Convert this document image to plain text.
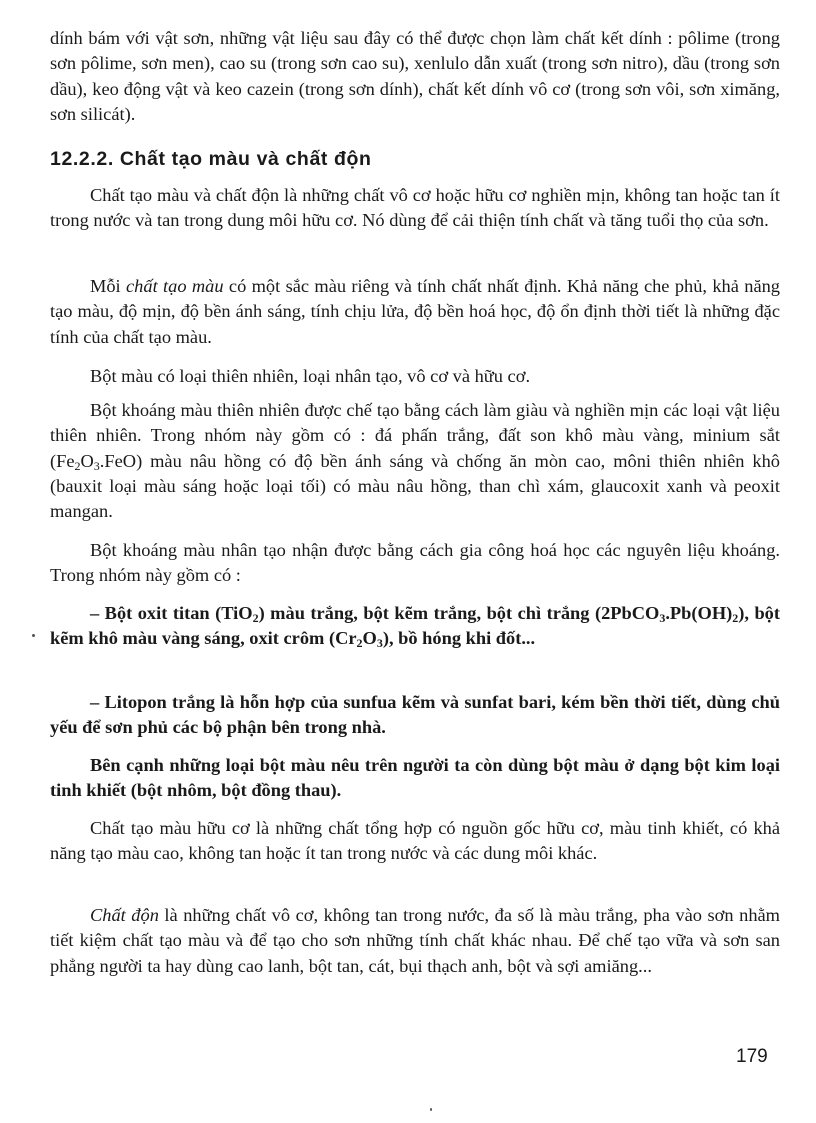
dính bám với vật sơn, những vật liệu sau đây có thể được chọn làm chất kết dính : pôlime (trong sơn pôlime, sơn men), cao su (trong sơn cao su), xenlulo dẫn xuất (trong sơn nitro), dầu (trong sơn dầu), keo động vật và keo cazein (trong sơn dính), chất kết dính vô cơ (trong sơn vôi, sơn ximăng, sơn silicát).

12.2.2. Chất tạo màu và chất độn

Chất tạo màu và chất độn là những chất vô cơ hoặc hữu cơ nghiền mịn, không tan hoặc tan ít trong nước và tan trong dung môi hữu cơ. Nó dùng để cải thiện tính chất và tăng tuổi thọ của sơn.

Mỗi chất tạo màu có một sắc màu riêng và tính chất nhất định. Khả năng che phủ, khả năng tạo màu, độ mịn, độ bền ánh sáng, tính chịu lửa, độ bền hoá học, độ ổn định thời tiết là những đặc tính của chất tạo màu.

Bột màu có loại thiên nhiên, loại nhân tạo, vô cơ và hữu cơ.

Bột khoáng màu thiên nhiên được chế tạo bằng cách làm giàu và nghiền mịn các loại vật liệu thiên nhiên. Trong nhóm này gồm có : đá phấn trắng, đất son khô màu vàng, minium sắt $(Fe_2O_3.FeO)$ màu nâu hồng có độ bền ánh sáng và chống ăn mòn cao, môni thiên nhiên khô (bauxit loại màu sáng hoặc loại tối) có màu nâu hồng, than chì xám, glaucoxit xanh và peoxit mangan.

Bột khoáng màu nhân tạo nhận được bằng cách gia công hoá học các nguyên liệu khoáng. Trong nhóm này gồm có :

– Bột oxit titan (TiO$_2$) màu trắng, bột kẽm trắng, bột chì trắng $(2PbCO_3.Pb(OH)_2)$, bột kẽm khô màu vàng sáng, oxit crôm $(Cr_2O_3)$, bồ hóng khi đốt...

– Litopon trắng là hỗn hợp của sunfua kẽm và sunfat bari, kém bền thời tiết, dùng chủ yếu để sơn phủ các bộ phận bên trong nhà.

Bên cạnh những loại bột màu nêu trên người ta còn dùng bột màu ở dạng bột kim loại tinh khiết (bột nhôm, bột đồng thau).

Chất tạo màu hữu cơ là những chất tổng hợp có nguồn gốc hữu cơ, màu tinh khiết, có khả năng tạo màu cao, không tan hoặc ít tan trong nước và các dung môi khác.

Chất độn là những chất vô cơ, không tan trong nước, đa số là màu trắng, pha vào sơn nhằm tiết kiệm chất tạo màu và để tạo cho sơn những tính chất khác nhau. Để chế tạo vữa và sơn san phẳng người ta hay dùng cao lanh, bột tan, cát, bụi thạch anh, bột và sợi amiăng...

179
